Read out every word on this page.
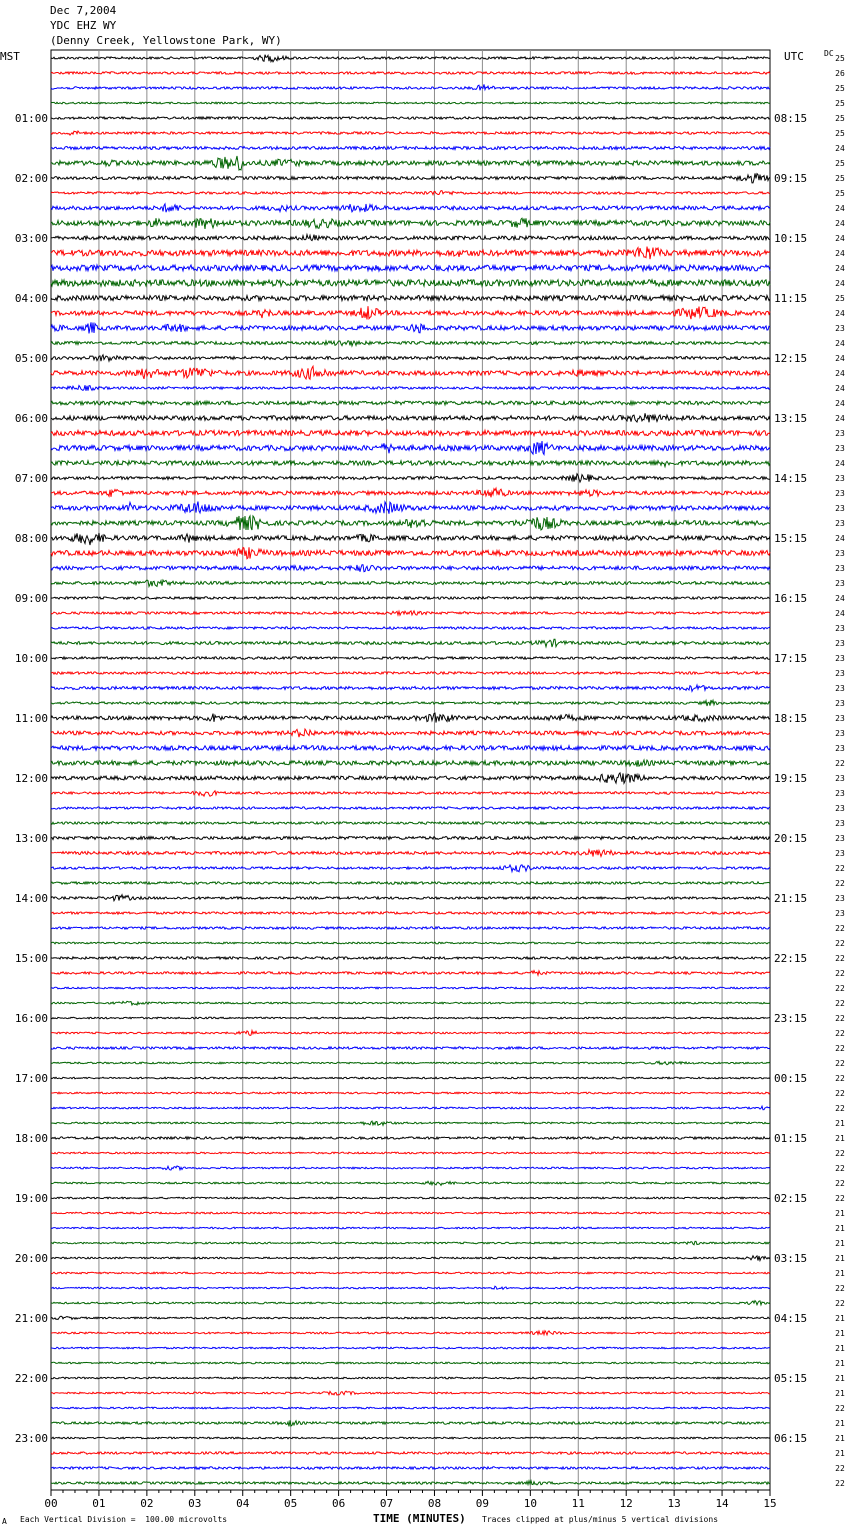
Dec 7,2004
YDC EHZ WY
(Denny Creek, Yellowstone Park, WY)
MST	UTC	DC
25
26
25
25
25
25
24
25
25
25
24
24
24
24
24
24
25
24
23
24
24
24
24
24
24
23
23
24
23
23
23
23
24
23
23
23
24
24
23
23
23
23
23
23
23
23
23
22
23
23
23
23
23
23
22
22
23
23
22
22
22
22
22
22
22
22
22
22
22
22
22
21
21
22
22
22
22
21
21
21
21
21
22
22
21
21
21
21
21
21
22
21
21
21
22
22
01:00
02:00
03:00
04:00
05:00
06:00
07:00
08:00
09:00
10:00
11:00
12:00
13:00
14:00
15:00
16:00
17:00
18:00
19:00
20:00
21:00
22:00
23:00
08:15
09:15
10:15
11:15
12:15
13:15
14:15
15:15
16:15
17:15
18:15
19:15
20:15
21:15
22:15
23:15
00:15
01:15
02:15
03:15
04:15
05:15
06:15
00	01	02	03	04	05	06	07	08	09	10	11	12	13	14	15
A Each Vertical Division =  100.00 microvolts	TIME (MINUTES) Traces clipped at plus/minus 5 vertical divisions
